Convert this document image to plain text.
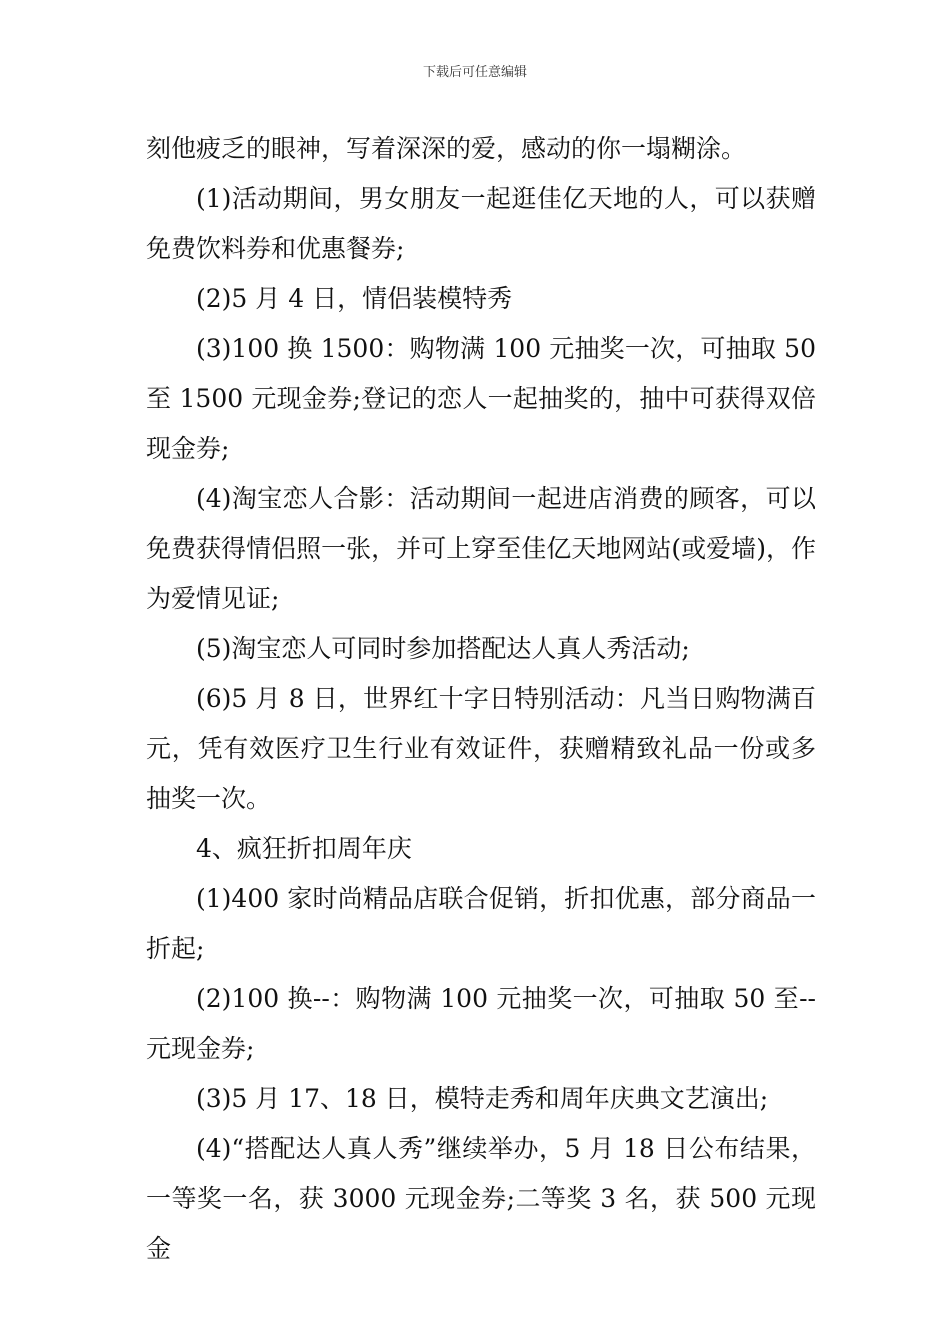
下载后可任意编辑

刻他疲乏的眼神，写着深深的爱，感动的你一塌糊涂。

(1)活动期间，男女朋友一起逛佳亿天地的人，可以获赠免费饮料券和优惠餐券;

(2)5 月 4 日，情侣装模特秀

(3)100 换 1500：购物满 100 元抽奖一次，可抽取 50 至 1500 元现金券;登记的恋人一起抽奖的，抽中可获得双倍现金券;

(4)淘宝恋人合影：活动期间一起进店消费的顾客，可以免费获得情侣照一张，并可上穿至佳亿天地网站(或爱墙)，作为爱情见证;

(5)淘宝恋人可同时参加搭配达人真人秀活动;

(6)5 月 8 日，世界红十字日特别活动：凡当日购物满百元，凭有效医疗卫生行业有效证件，获赠精致礼品一份或多抽奖一次。

4、疯狂折扣周年庆

(1)400 家时尚精品店联合促销，折扣优惠，部分商品一折起;

(2)100 换--：购物满 100 元抽奖一次，可抽取 50 至--元现金券;

(3)5 月 17、18 日，模特走秀和周年庆典文艺演出;

(4)“搭配达人真人秀”继续举办，5 月 18 日公布结果，一等奖一名，获 3000 元现金券;二等奖 3 名，获 500 元现金
